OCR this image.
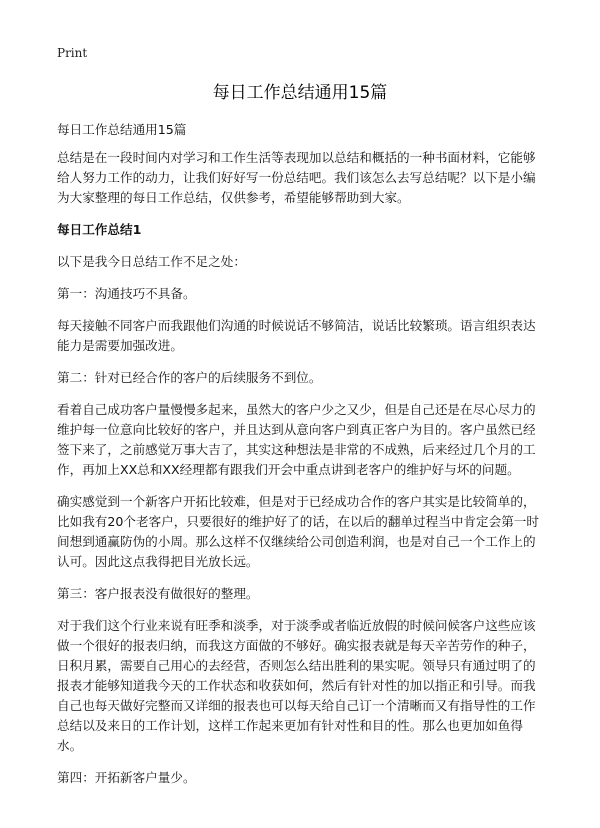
Print
每日工作总结通用15篇

每日工作总结通用15篇

总结是在一段时间内对学习和工作生活等表现加以总结和概括的一种书面材料，它能够给人努力工作的动力，让我们好好写一份总结吧。我们该怎么去写总结呢？以下是小编为大家整理的每日工作总结，仅供参考，希望能够帮助到大家。

每日工作总结1

以下是我今日总结工作不足之处：

第一：沟通技巧不具备。

每天接触不同客户而我跟他们沟通的时候说话不够简洁，说话比较繁琐。语言组织表达能力是需要加强改进。

第二：针对已经合作的客户的后续服务不到位。

看着自己成功客户量慢慢多起来，虽然大的客户少之又少，但是自己还是在尽心尽力的维护每一位意向比较好的客户，并且达到从意向客户到真正客户为目的。客户虽然已经签下来了，之前感觉万事大吉了，其实这种想法是非常的不成熟，后来经过几个月的工作，再加上XX总和XX经理都有跟我们开会中重点讲到老客户的维护好与坏的问题。

确实感觉到一个新客户开拓比较难，但是对于已经成功合作的客户其实是比较简单的，比如我有20个老客户，只要很好的维护好了的话，在以后的翻单过程当中肯定会第一时间想到通赢防伪的小周。那么这样不仅继续给公司创造利润，也是对自己一个工作上的认可。因此这点我得把目光放长远。

第三：客户报表没有做很好的整理。

对于我们这个行业来说有旺季和淡季，对于淡季或者临近放假的时候问候客户这些应该做一个很好的报表归纳，而我这方面做的不够好。确实报表就是每天辛苦劳作的种子，日积月累，需要自己用心的去经营，否则怎么结出胜利的果实呢。领导只有通过明了的报表才能够知道我今天的工作状态和收获如何，然后有针对性的加以指正和引导。而我自己也每天做好完整而又详细的报表也可以每天给自己订一个清晰而又有指导性的工作总结以及来日的工作计划，这样工作起来更加有针对性和目的性。那么也更加如鱼得水。

第四：开拓新客户量少。
